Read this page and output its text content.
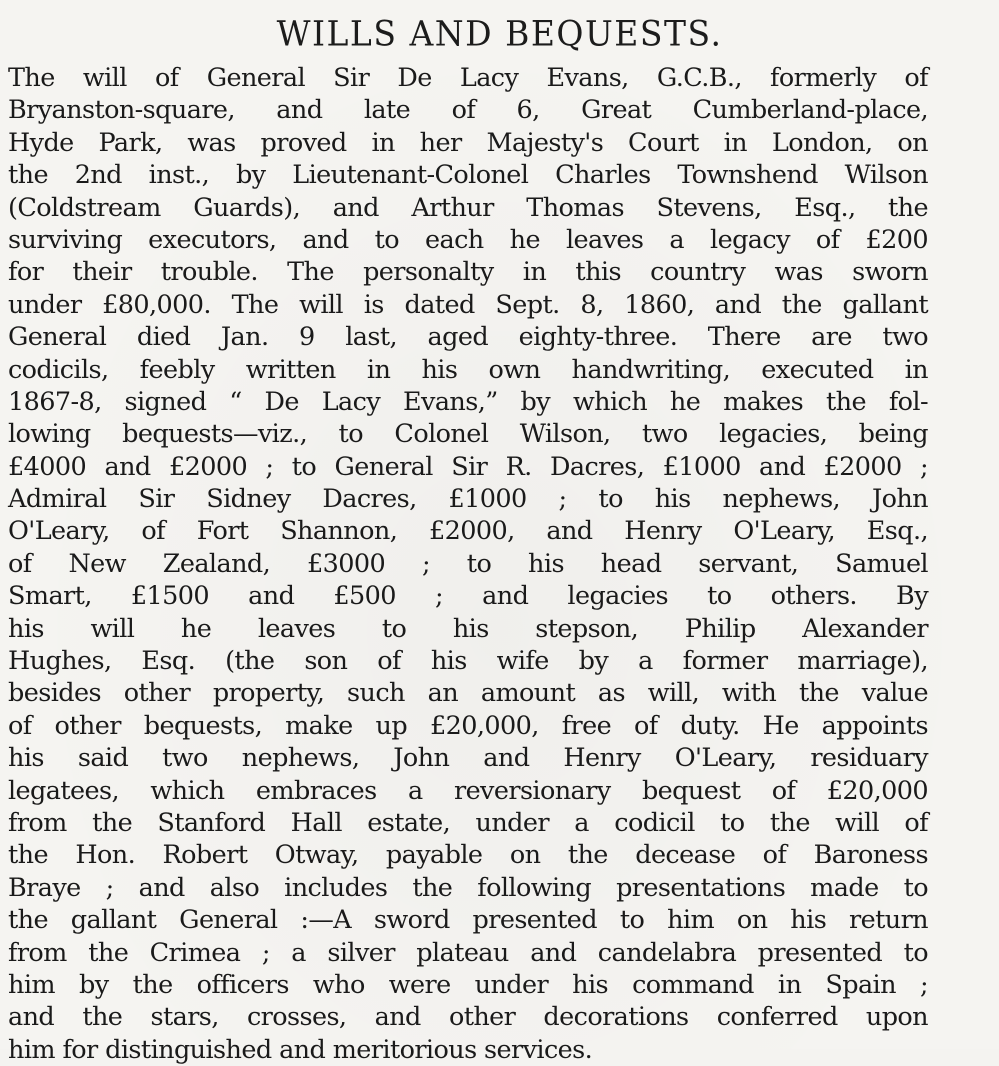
WILLS AND BEQUESTS.
The will of General Sir De Lacy Evans, G.C.B., formerly of
Bryanston-square, and late of 6, Great Cumberland-place,
Hyde Park, was proved in her Majesty's Court in London, on
the 2nd inst., by Lieutenant-Colonel Charles Townshend Wilson
(Coldstream Guards), and Arthur Thomas Stevens, Esq., the
surviving executors, and to each he leaves a legacy of £200
for their trouble. The personalty in this country was sworn
under £80,000. The will is dated Sept. 8, 1860, and the gallant
General died Jan. 9 last, aged eighty-three. There are two
codicils, feebly written in his own handwriting, executed in
1867-8, signed “ De Lacy Evans,” by which he makes the fol-
lowing bequests—viz., to Colonel Wilson, two legacies, being
£4000 and £2000 ; to General Sir R. Dacres, £1000 and £2000 ;
Admiral Sir Sidney Dacres, £1000 ; to his nephews, John
O'Leary, of Fort Shannon, £2000, and Henry O'Leary, Esq.,
of New Zealand, £3000 ; to his head servant, Samuel
Smart, £1500 and £500 ; and legacies to others. By
his will he leaves to his stepson, Philip Alexander
Hughes, Esq. (the son of his wife by a former marriage),
besides other property, such an amount as will, with the value
of other bequests, make up £20,000, free of duty. He appoints
his said two nephews, John and Henry O'Leary, residuary
legatees, which embraces a reversionary bequest of £20,000
from the Stanford Hall estate, under a codicil to the will of
the Hon. Robert Otway, payable on the decease of Baroness
Braye ; and also includes the following presentations made to
the gallant General :—A sword presented to him on his return
from the Crimea ; a silver plateau and candelabra presented to
him by the officers who were under his command in Spain ;
and the stars, crosses, and other decorations conferred upon
him for distinguished and meritorious services.
